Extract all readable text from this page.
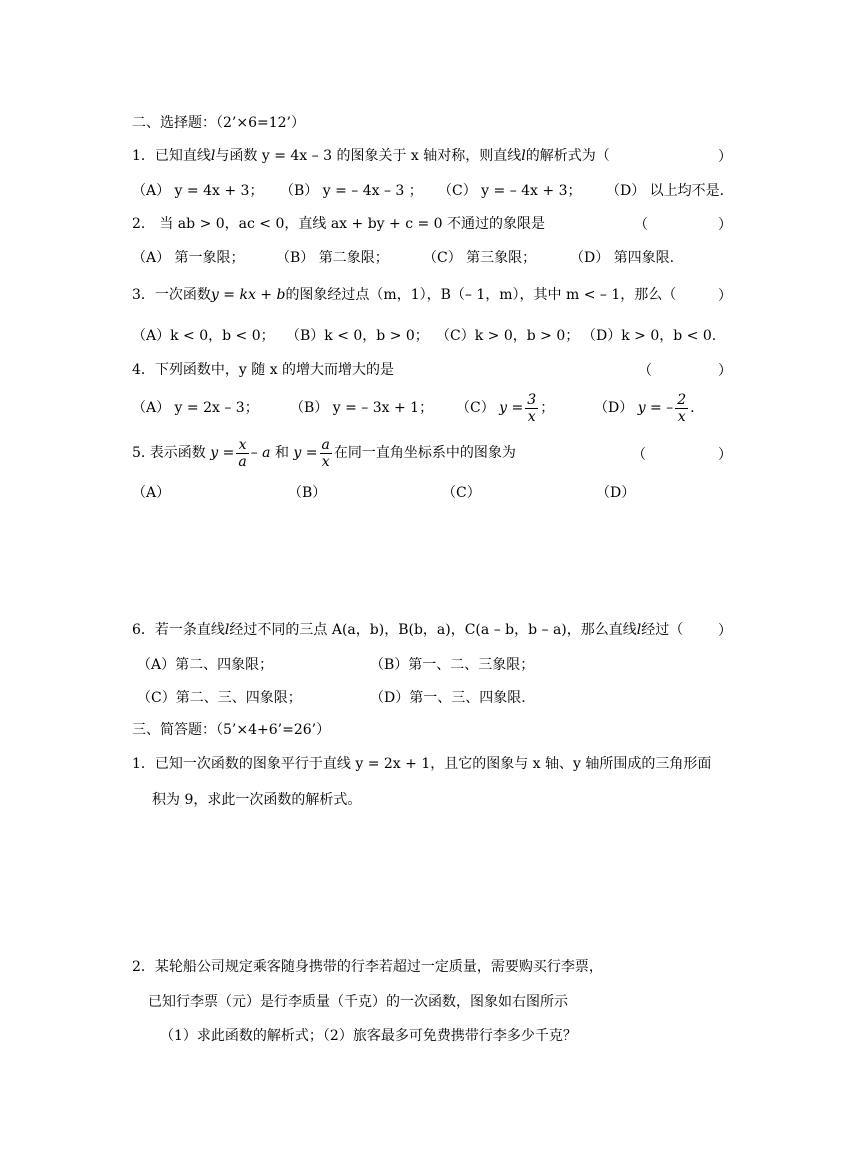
二、选择题：（2’×6=12’）
1．已知直线l与函数 y = 4x – 3 的图象关于 x 轴对称，则直线l的解析式为（	）
（A） y = 4x + 3； （B） y = – 4x – 3 ； （C） y = – 4x + 3； （D） 以上均不是.
2． 当 ab > 0，ac < 0，直线 ax + by + c = 0 不通过的象限是	（	）
（A） 第一象限； （B） 第二象限； （C） 第三象限； （D） 第四象限.
3．一次函数y = kx + b的图象经过点（m，1），B（– 1，m），其中 m < – 1，那么（	）
（A）k < 0，b < 0； （B）k < 0，b > 0； （C）k > 0，b > 0； （D）k > 0，b < 0.
4．下列函数中，y 随 x 的增大而增大的是	（	）
（A） y = 2x – 3； （B） y = – 3x + 1； （C） $y = \frac{3}{x}$ ；	（D） y = – $\frac{2}{x}$ .
5. 表示函数 $y = \frac{x}{a} - a$ 和 $y = \frac{a}{x}$ 在同一直角坐标系中的图象为	（	）
（A）	（B）	（C）	（D）
6．若一条直线l经过不同的三点 A(a，b)，B(b，a)，C(a – b，b – a)，那么直线l经过（ ）
（A）第二、四象限；	（B）第一、二、三象限；
（C）第二、三、四象限；	（D）第一、三、四象限.
三、简答题：（5’×4+6’=26’）
1．已知一次函数的图象平行于直线 y = 2x + 1，且它的图象与 x 轴、y 轴所围成的三角形面
积为 9，求此一次函数的解析式。
2．某轮船公司规定乘客随身携带的行李若超过一定质量，需要购买行李票，
已知行李票（元）是行李质量（千克）的一次函数，图象如右图所示
（1）求此函数的解析式；（2）旅客最多可免费携带行李多少千克？
